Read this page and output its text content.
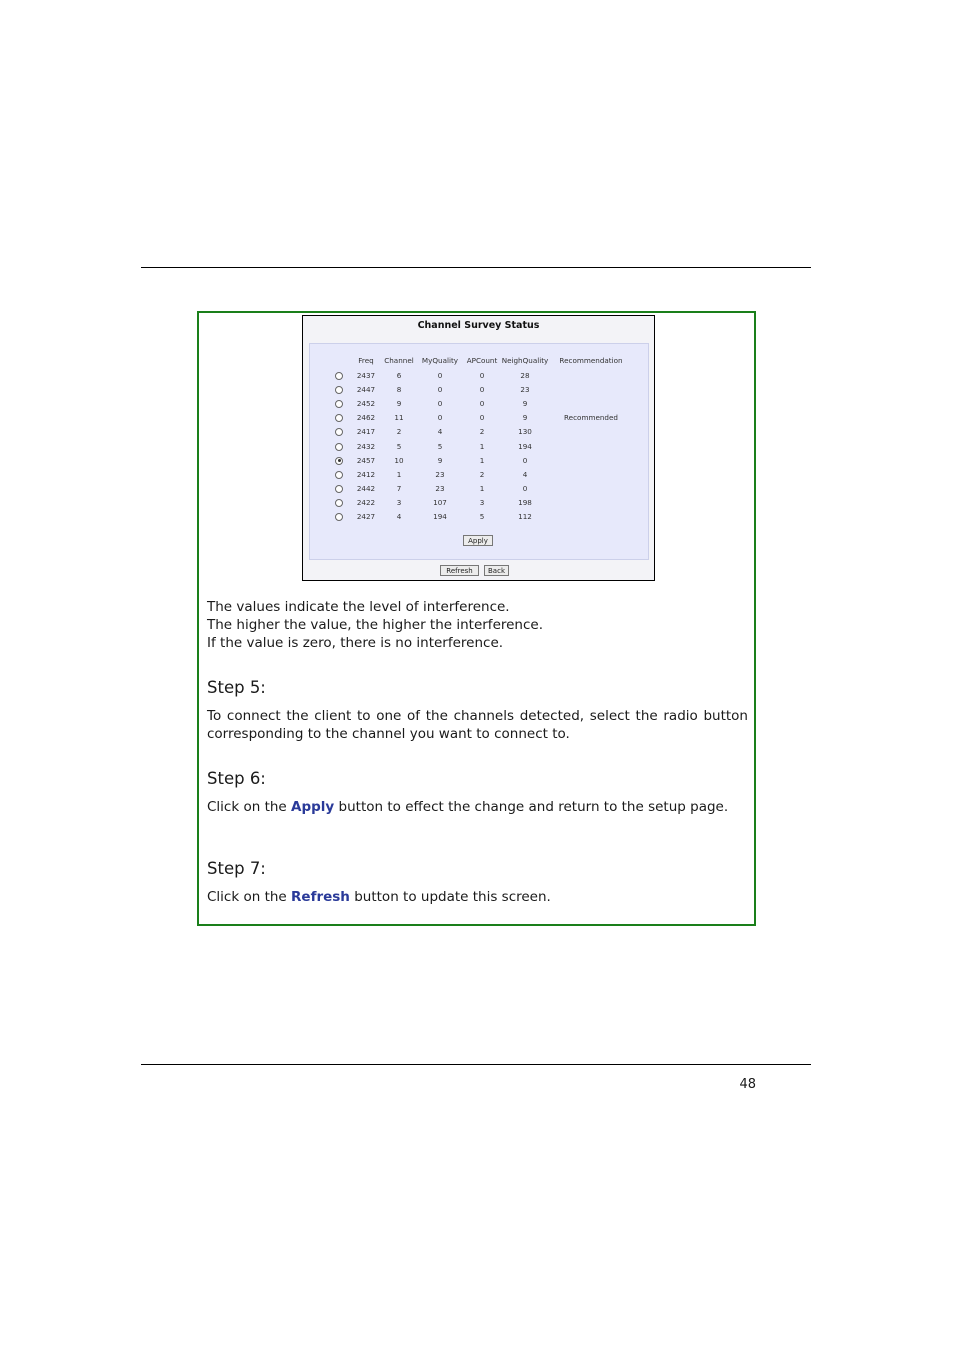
Channel Survey Status
	Freq	Channel	MyQuality	APCount	NeighQuality	Recommendation
	2437	6	0	0	28	
	2447	8	0	0	23	
	2452	9	0	0	9	
	2462	11	0	0	9	Recommended
	2417	2	4	2	130	
	2432	5	5	1	194	
	2457	10	9	1	0	
	2412	1	23	2	4	
	2442	7	23	1	0	
	2422	3	107	3	198	
	2427	4	194	5	112	
Apply
Refresh	Back
The values indicate the level of interference.
The higher the value, the higher the interference.
If the value is zero, there is no interference.
Step 5:
To connect the client to one of the channels detected, select the radio button corresponding to the channel you want to connect to.
Step 6:
Click on the Apply button to effect the change and return to the setup page.
Step 7:
Click on the Refresh button to update this screen.
48
